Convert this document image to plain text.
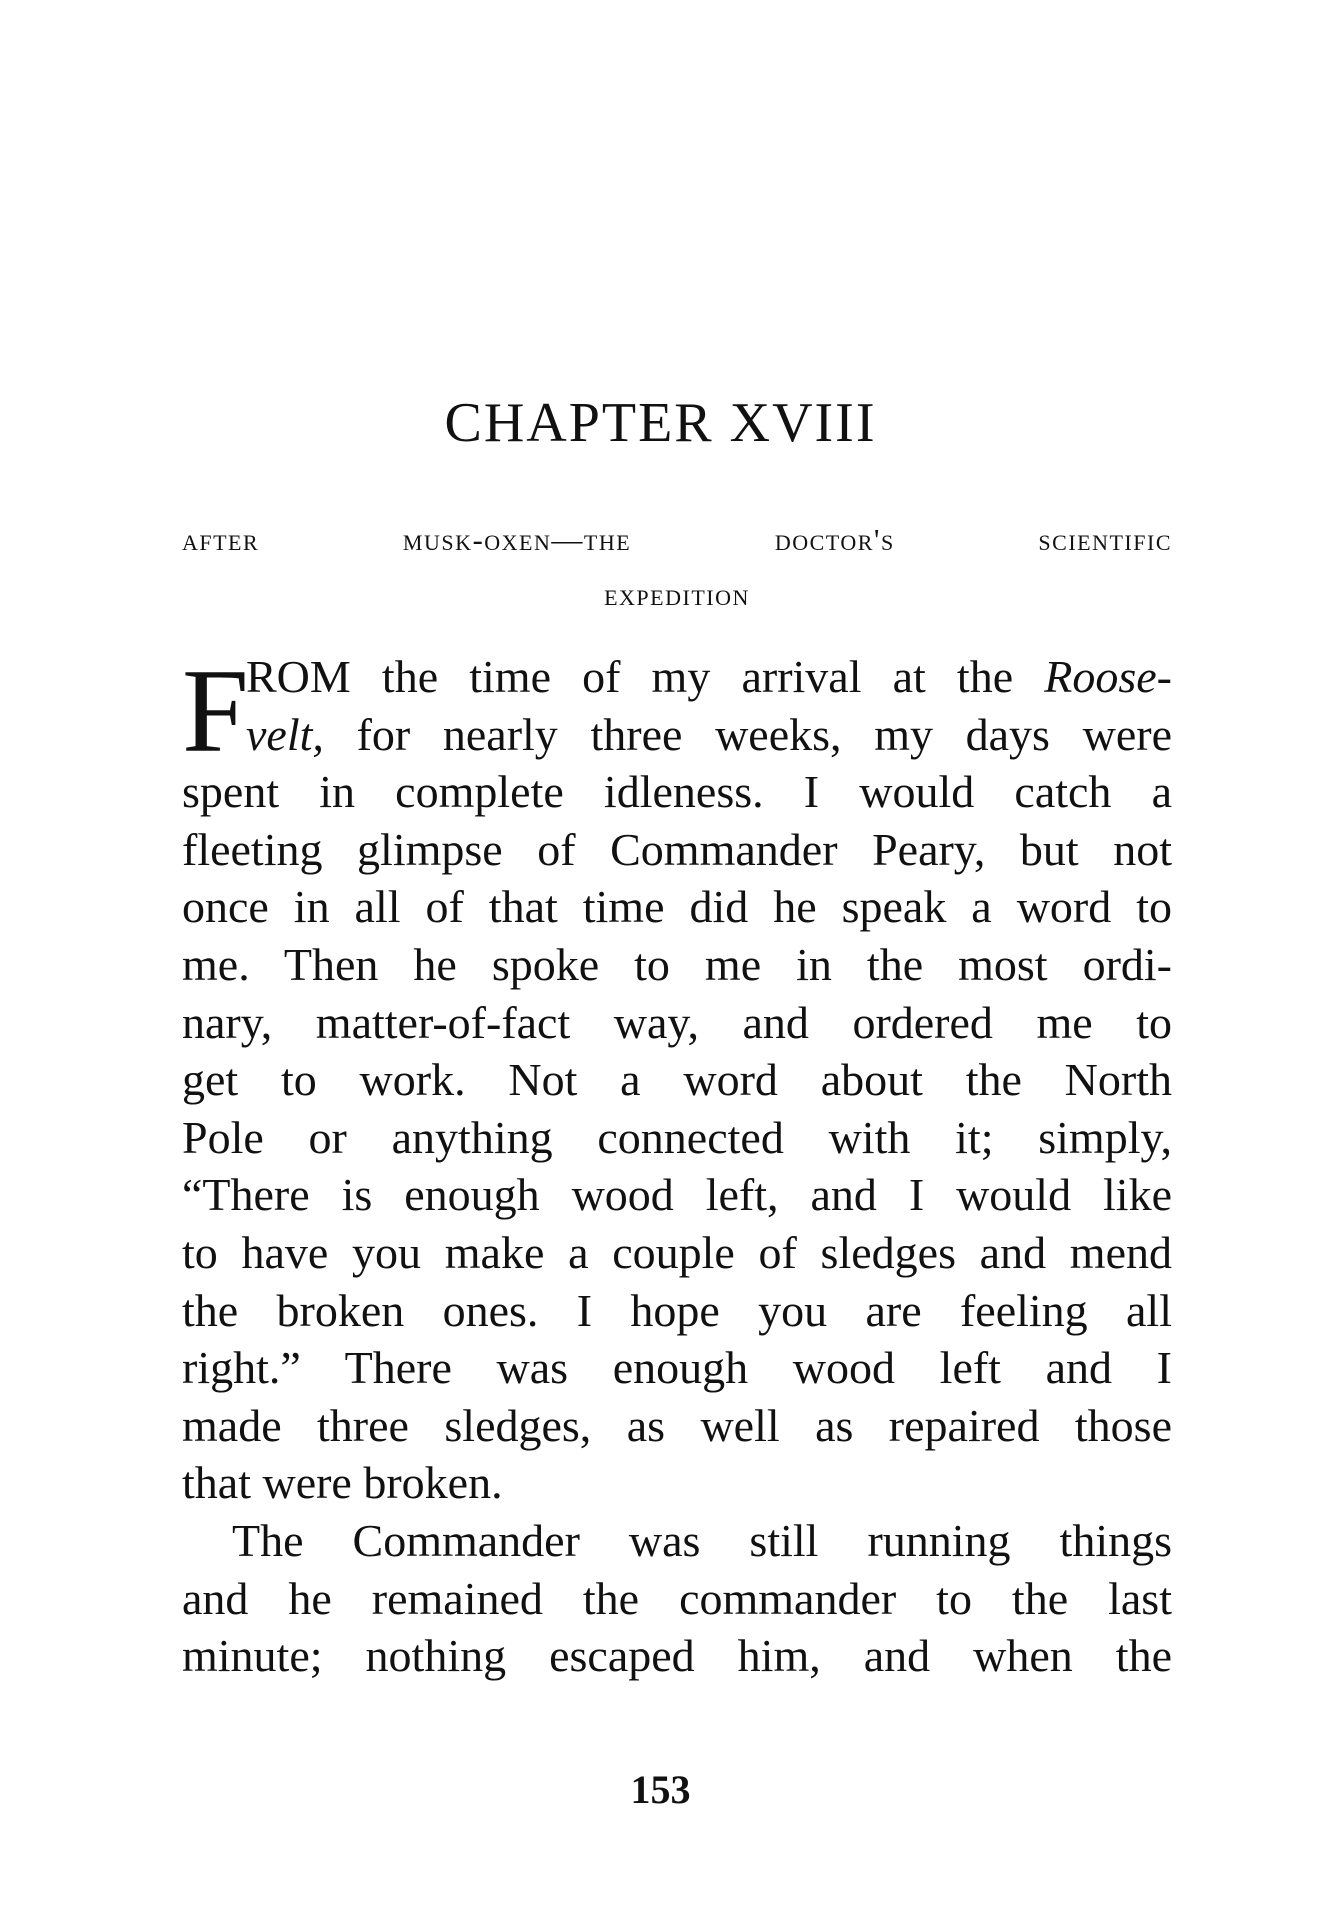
CHAPTER XVIII
after musk-oxen—the doctor's scientific
expedition
F
ROM the time of my arrival at the Roose-
velt, for nearly three weeks, my days were
spent in complete idleness. I would catch a
fleeting glimpse of Commander Peary, but not
once in all of that time did he speak a word to
me. Then he spoke to me in the most ordi-
nary, matter-of-fact way, and ordered me to
get to work. Not a word about the North
Pole or anything connected with it; simply,
“There is enough wood left, and I would like
to have you make a couple of sledges and mend
the broken ones. I hope you are feeling all
right.” There was enough wood left and I
made three sledges, as well as repaired those
that were broken.
The Commander was still running things
and he remained the commander to the last
minute; nothing escaped him, and when the
153
